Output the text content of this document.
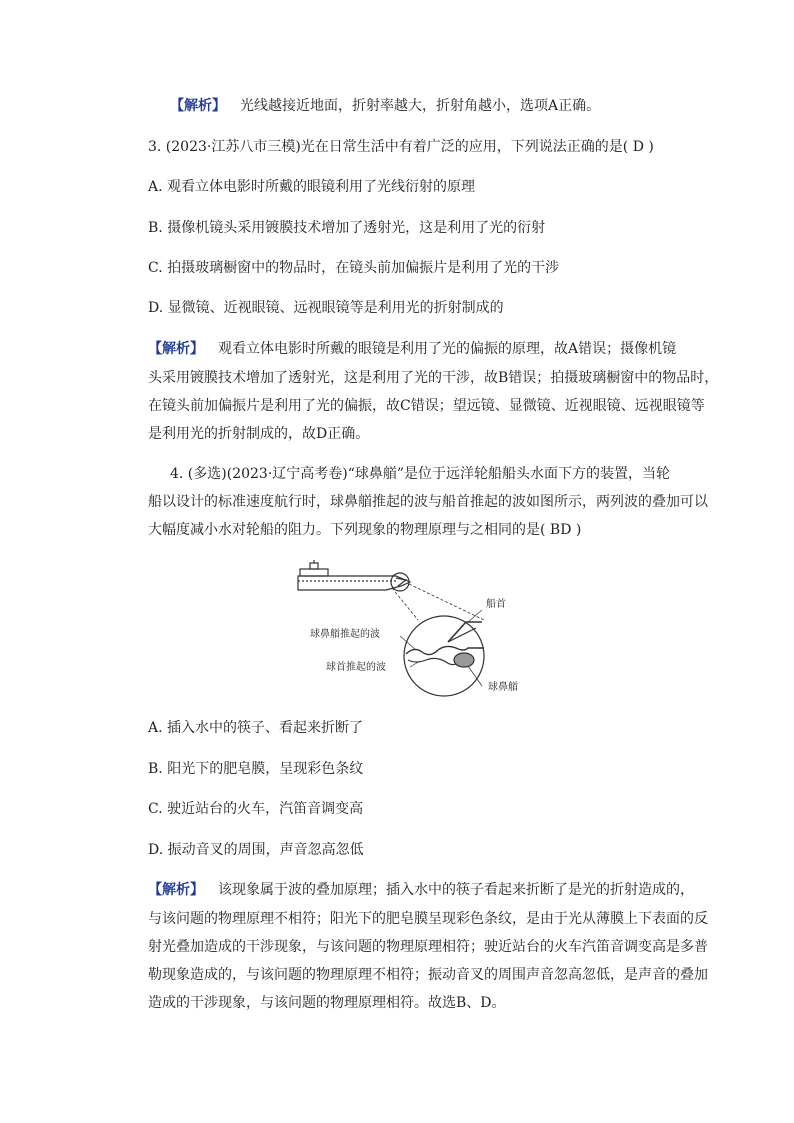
【解析】 光线越接近地面，折射率越大，折射角越小，选项A正确。
3. (2023·江苏八市三模)光在日常生活中有着广泛的应用，下列说法正确的是( D )
A. 观看立体电影时所戴的眼镜利用了光线衍射的原理
B. 摄像机镜头采用镀膜技术增加了透射光，这是利用了光的衍射
C. 拍摄玻璃橱窗中的物品时，在镜头前加偏振片是利用了光的干涉
D. 显微镜、近视眼镜、远视眼镜等是利用光的折射制成的
【解析】 观看立体电影时所戴的眼镜是利用了光的偏振的原理，故A错误；摄像机镜
头采用镀膜技术增加了透射光，这是利用了光的干涉，故B错误；拍摄玻璃橱窗中的物品时，
在镜头前加偏振片是利用了光的偏振，故C错误；望远镜、显微镜、近视眼镜、远视眼镜等
是利用光的折射制成的，故D正确。
4. (多选)(2023·辽宁高考卷)“球鼻艏”是位于远洋轮船船头水面下方的装置，当轮
船以设计的标准速度航行时，球鼻艏推起的波与船首推起的波如图所示，两列波的叠加可以
大幅度减小水对轮船的阻力。下列现象的物理原理与之相同的是( BD )
船首
球鼻艏推起的波
球首推起的波
球鼻艏
A. 插入水中的筷子、看起来折断了
B. 阳光下的肥皂膜，呈现彩色条纹
C. 驶近站台的火车，汽笛音调变高
D. 振动音叉的周围，声音忽高忽低
【解析】 该现象属于波的叠加原理；插入水中的筷子看起来折断了是光的折射造成的，
与该问题的物理原理不相符；阳光下的肥皂膜呈现彩色条纹，是由于光从薄膜上下表面的反
射光叠加造成的干涉现象，与该问题的物理原理相符；驶近站台的火车汽笛音调变高是多普
勒现象造成的，与该问题的物理原理不相符；振动音叉的周围声音忽高忽低，是声音的叠加
造成的干涉现象，与该问题的物理原理相符。故选B、D。
